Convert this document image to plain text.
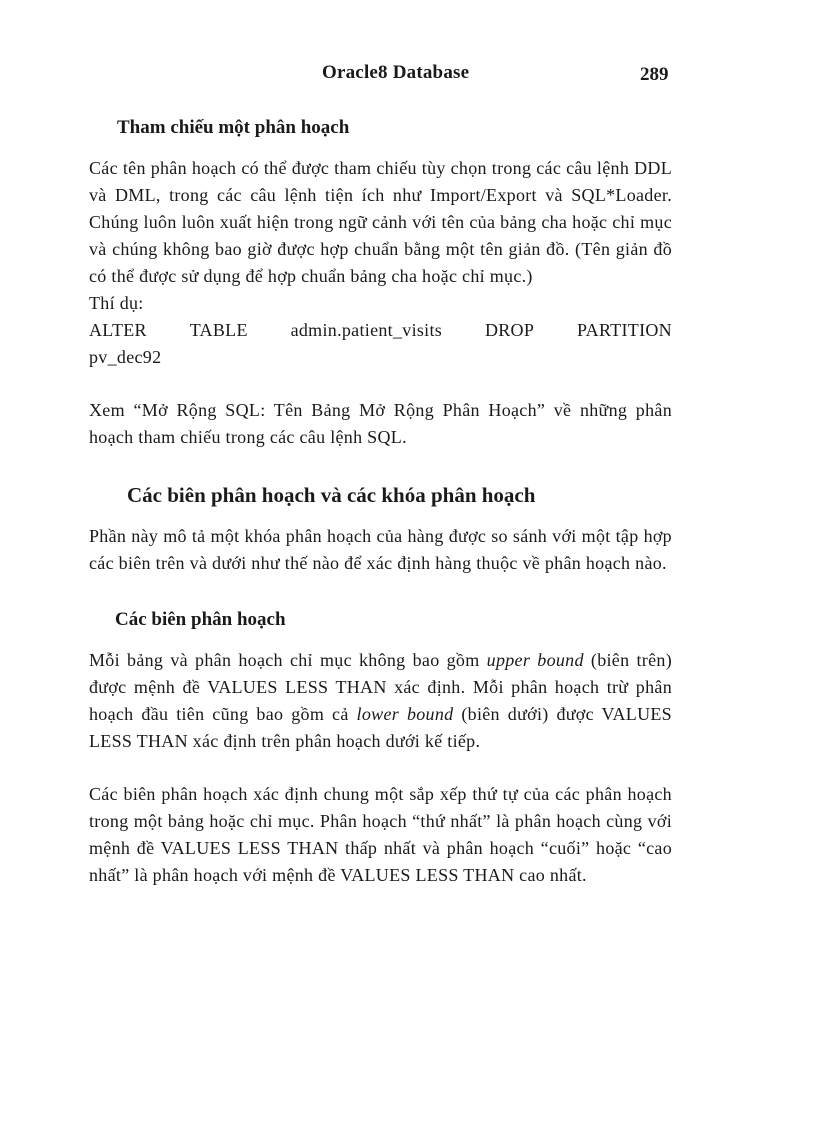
Oracle8 Database	289
Tham chiếu một phân hoạch

Các tên phân hoạch có thể được tham chiếu tùy chọn trong các câu lệnh DDL và DML, trong các câu lệnh tiện ích như Import/Export và SQL*Loader. Chúng luôn luôn xuất hiện trong ngữ cảnh với tên của bảng cha hoặc chỉ mục và chúng không bao giờ được hợp chuẩn bằng một tên giản đồ. (Tên giản đồ có thể được sử dụng để hợp chuẩn bảng cha hoặc chỉ mục.)

Thí dụ:

ALTER TABLE admin.patient_visits DROP PARTITION

pv_dec92

Xem “Mở Rộng SQL: Tên Bảng Mở Rộng Phân Hoạch” về những phân hoạch tham chiếu trong các câu lệnh SQL.

Các biên phân hoạch và các khóa phân hoạch

Phần này mô tả một khóa phân hoạch của hàng được so sánh với một tập hợp các biên trên và dưới như thế nào để xác định hàng thuộc về phân hoạch nào.

Các biên phân hoạch

Mỗi bảng và phân hoạch chỉ mục không bao gồm upper bound (biên trên) được mệnh đề VALUES LESS THAN xác định. Mỗi phân hoạch trừ phân hoạch đầu tiên cũng bao gồm cả lower bound (biên dưới) được VALUES LESS THAN xác định trên phân hoạch dưới kế tiếp.

Các biên phân hoạch xác định chung một sắp xếp thứ tự của các phân hoạch trong một bảng hoặc chỉ mục. Phân hoạch “thứ nhất” là phân hoạch cùng với mệnh đề VALUES LESS THAN thấp nhất và phân hoạch “cuối” hoặc “cao nhất” là phân hoạch với mệnh đề VALUES LESS THAN cao nhất.
